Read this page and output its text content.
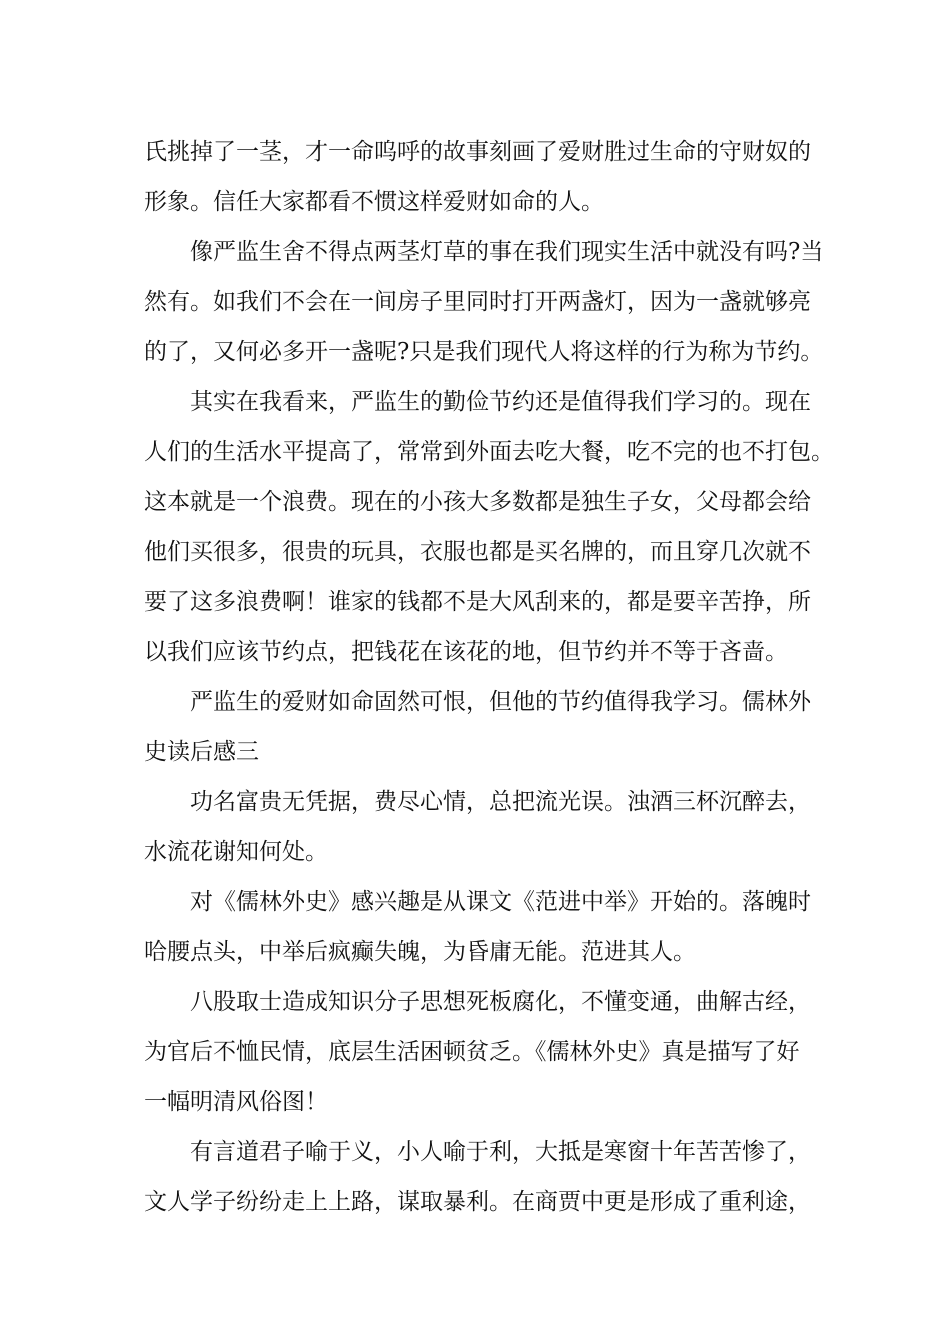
氏挑掉了一茎，才一命呜呼的故事刻画了爱财胜过生命的守财奴的
形象。信任大家都看不惯这样爱财如命的人。
像严监生舍不得点两茎灯草的事在我们现实生活中就没有吗?当
然有。如我们不会在一间房子里同时打开两盏灯，因为一盏就够亮
的了，又何必多开一盏呢?只是我们现代人将这样的行为称为节约。
其实在我看来，严监生的勤俭节约还是值得我们学习的。现在
人们的生活水平提高了，常常到外面去吃大餐，吃不完的也不打包。
这本就是一个浪费。现在的小孩大多数都是独生子女，父母都会给
他们买很多，很贵的玩具，衣服也都是买名牌的，而且穿几次就不
要了这多浪费啊！谁家的钱都不是大风刮来的，都是要辛苦挣，所
以我们应该节约点，把钱花在该花的地，但节约并不等于吝啬。
严监生的爱财如命固然可恨，但他的节约值得我学习。儒林外
史读后感三
功名富贵无凭据，费尽心情，总把流光误。浊酒三杯沉醉去，
水流花谢知何处。
对《儒林外史》感兴趣是从课文《范进中举》开始的。落魄时
哈腰点头，中举后疯癫失魄，为昏庸无能。范进其人。
八股取士造成知识分子思想死板腐化，不懂变通，曲解古经，
为官后不恤民情，底层生活困顿贫乏。《儒林外史》真是描写了好
一幅明清风俗图！
有言道君子喻于义，小人喻于利，大抵是寒窗十年苦苦惨了，
文人学子纷纷走上上路，谋取暴利。在商贾中更是形成了重利途，
